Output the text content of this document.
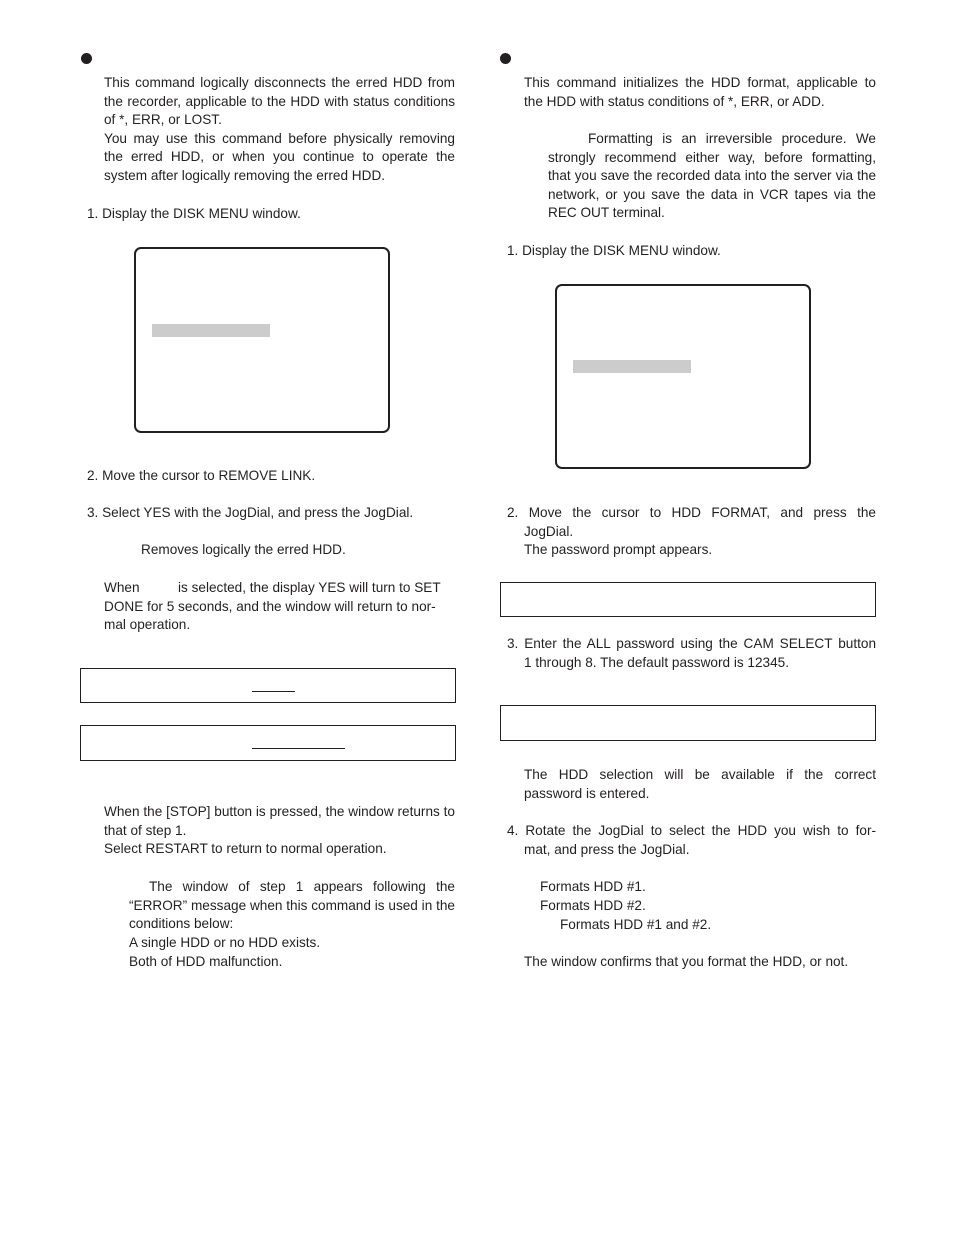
This command logically disconnects the erred HDD from the recorder, applicable to the HDD with status conditions of *, ERR, or LOST.

You may use this command before physically removing the erred HDD, or when you continue to operate the system after logically removing the erred HDD.

1. Display the DISK MENU window.
2. Move the cursor to REMOVE LINK.
3. Select YES with the JogDial, and press the JogDial.
Removes logically the erred HDD.
When	is selected, the display YES will turn to SET
DONE for 5 seconds, and the window will return to nor-
mal operation.

When the [STOP] button is pressed, the window returns to that of step 1.

Select RESTART to return to normal operation.

The window of step 1 appears following the “ERROR” message when this command is used in the conditions below:

A single HDD or no HDD exists.
Both of HDD malfunction.
This command initializes the HDD format, applicable to the HDD with status conditions of *, ERR, or ADD.

Formatting is an irreversible procedure. We strongly recommend either way, before formatting, that you save the recorded data into the server via the network, or you save the data in VCR tapes via the REC OUT terminal.

1. Display the DISK MENU window.
2. Move the cursor to HDD FORMAT, and press the
JogDial.
The password prompt appears.
3. Enter the ALL password using the CAM SELECT button
1 through 8. The default password is 12345.
The HDD selection will be available if the correct password is entered.
4. Rotate the JogDial to select the HDD you wish to for-
mat, and press the JogDial.
Formats HDD #1.
Formats HDD #2.
Formats HDD #1 and #2.
The window confirms that you format the HDD, or not.
